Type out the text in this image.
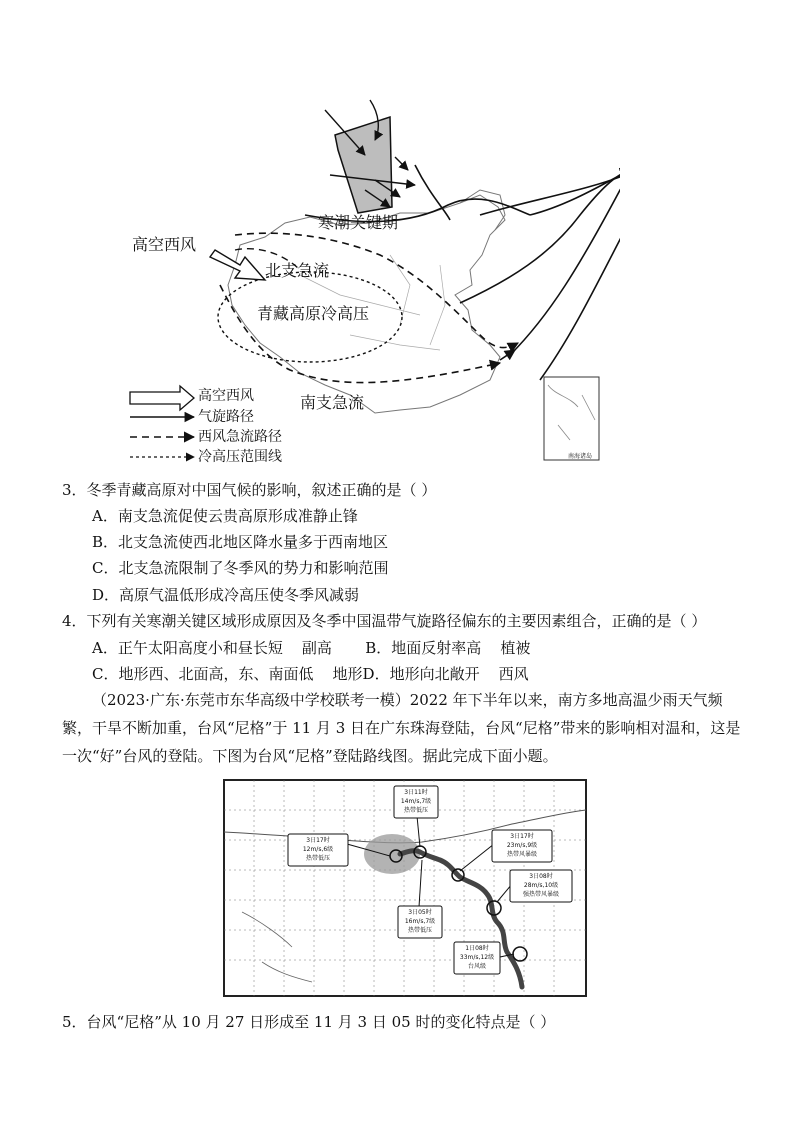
寒潮关键期
高空西风
北支急流
青藏高原冷高压
南支急流
南海诸岛
高空西风
气旋路径
西风急流路径
冷高压范围线
3．冬季青藏高原对中国气候的影响，叙述正确的是（ ）
A．南支急流促使云贵高原形成准静止锋
B．北支急流使西北地区降水量多于西南地区
C．北支急流限制了冬季风的势力和影响范围
D．高原气温低形成冷高压使冬季风减弱
4．下列有关寒潮关键区域形成原因及冬季中国温带气旋路径偏东的主要因素组合，正确的是（ ）
A．正午太阳高度小和昼长短    副高       B．地面反射率高    植被
C．地形西、北面高，东、南面低    地形D．地形向北敞开    西风
（2023·广东·东莞市东华高级中学校联考一模）2022 年下半年以来，南方多地高温少雨天气频繁，干旱不断加重，台风“尼格”于 11 月 3 日在广东珠海登陆，台风“尼格”带来的影响相对温和，这是一次“好”台风的登陆。下图为台风“尼格”登陆路线图。据此完成下面小题。
3日11时
14m/s,7级
热带低压
3日17时
12m/s,6级
热带低压
3日17时
23m/s,9级
热带风暴级
3日08时
28m/s,10级
强热带风暴级
3日05时
16m/s,7级
热带低压
1日08时
33m/s,12级
台风级
5．台风“尼格”从 10 月 27 日形成至 11 月 3 日 05 时的变化特点是（ ）
